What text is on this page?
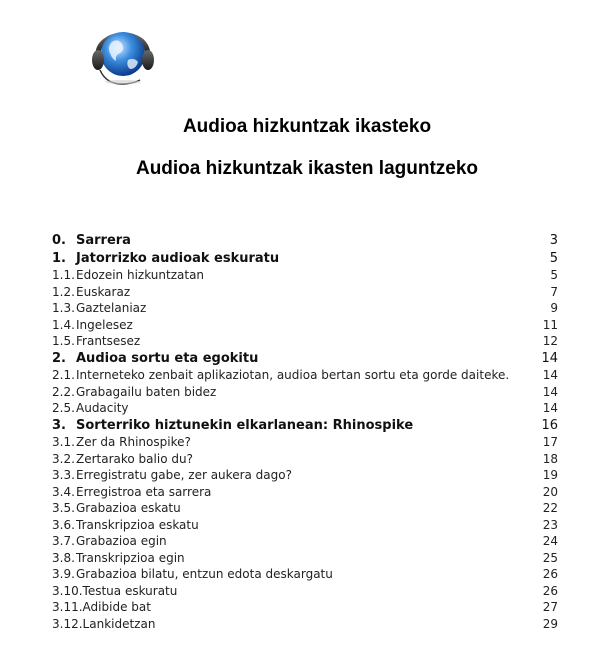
Audioa hizkuntzak ikasteko
Audioa hizkuntzak ikasten laguntzeko
0. Sarrera	3
1. Jatorrizko audioak eskuratu	5
1.1. Edozein hizkuntzatan	5
1.2. Euskaraz	7
1.3. Gaztelaniaz	9
1.4. Ingelesez	11
1.5. Frantsesez	12
2. Audioa sortu eta egokitu	14
2.1. Interneteko zenbait aplikaziotan, audioa bertan sortu eta gorde daiteke.	14
2.2. Grabagailu baten bidez	14
2.5. Audacity	14
3. Sorterriko hiztunekin elkarlanean: Rhinospike	16
3.1. Zer da Rhinospike?	17
3.2. Zertarako balio du?	18
3.3. Erregistratu gabe, zer aukera dago?	19
3.4. Erregistroa eta sarrera	20
3.5. Grabazioa eskatu	22
3.6. Transkripzioa eskatu	23
3.7. Grabazioa egin	24
3.8. Transkripzioa egin	25
3.9. Grabazioa bilatu, entzun edota deskargatu	26
3.10.Testua eskuratu	26
3.11.Adibide bat	27
3.12.Lankidetzan	29
